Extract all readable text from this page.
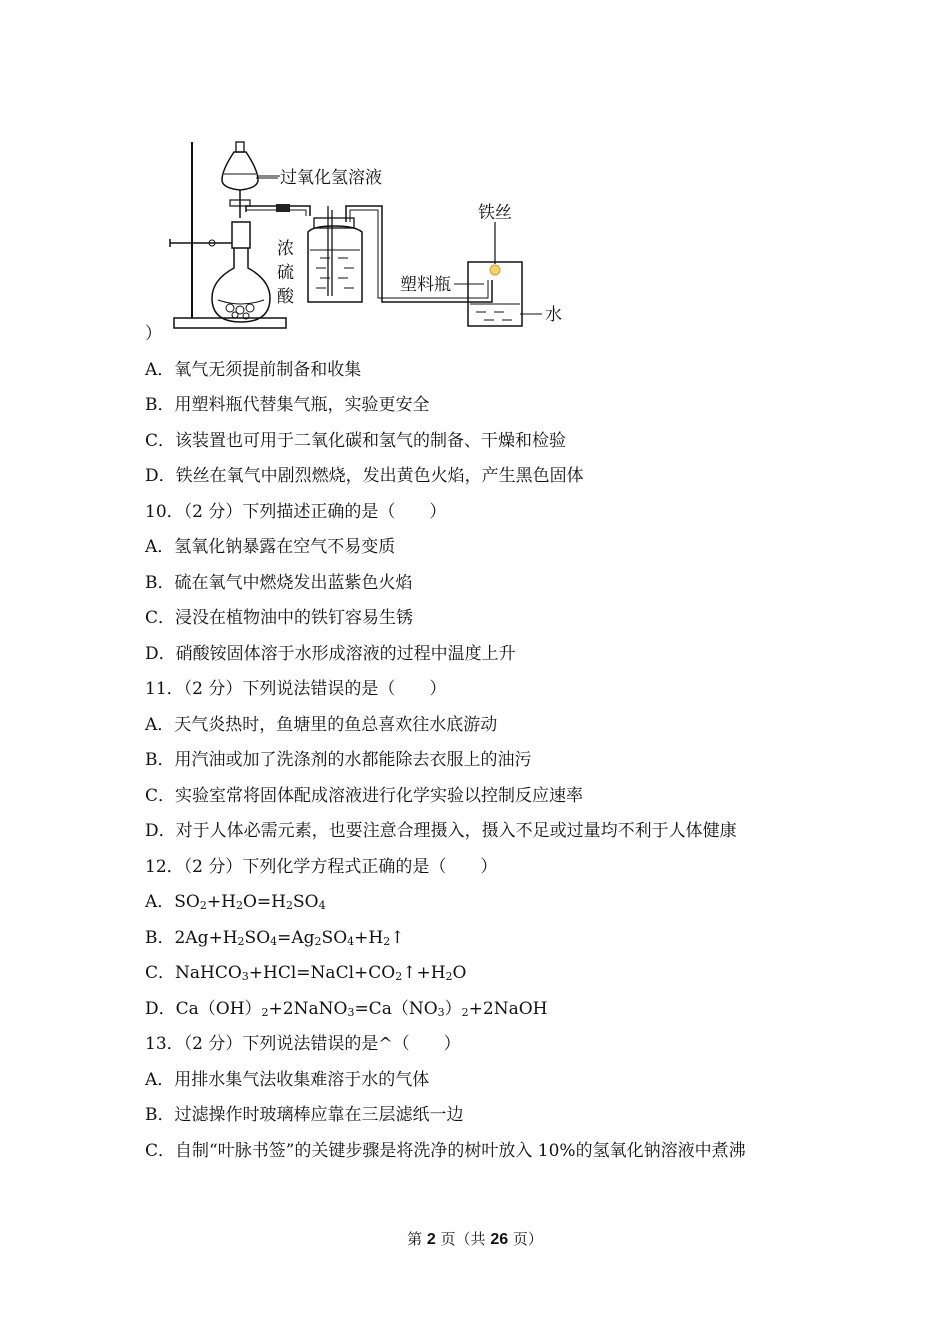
过氧化氢溶液
浓
硫
酸
铁丝
塑料瓶
水
）
A．氧气无须提前制备和收集
B．用塑料瓶代替集气瓶，实验更安全
C．该装置也可用于二氧化碳和氢气的制备、干燥和检验
D．铁丝在氧气中剧烈燃烧，发出黄色火焰，产生黑色固体
10．（2 分）下列描述正确的是（　　）
A．氢氧化钠暴露在空气不易变质
B．硫在氧气中燃烧发出蓝紫色火焰
C．浸没在植物油中的铁钉容易生锈
D．硝酸铵固体溶于水形成溶液的过程中温度上升
11．（2 分）下列说法错误的是（　　）
A．天气炎热时，鱼塘里的鱼总喜欢往水底游动
B．用汽油或加了洗涤剂的水都能除去衣服上的油污
C．实验室常将固体配成溶液进行化学实验以控制反应速率
D．对于人体必需元素，也要注意合理摄入，摄入不足或过量均不利于人体健康
12．（2 分）下列化学方程式正确的是（　　）
A．$SO_2+H_2O=H_2SO_4$
B．$2Ag+H_2SO_4=Ag_2SO_4+H_2↑$
C．$NaHCO_3+HCl=NaCl+CO_2↑+H_2O$
D．$Ca(OH)_2+2NaNO_3=Ca(NO_3)_2+2NaOH$
13．（2 分）下列说法错误的是^（　　）
A．用排水集气法收集难溶于水的气体
B．过滤操作时玻璃棒应靠在三层滤纸一边
C．自制“叶脉书签”的关键步骤是将洗净的树叶放入 10%的氢氧化钠溶液中煮沸
第 2 页（共 26 页）
